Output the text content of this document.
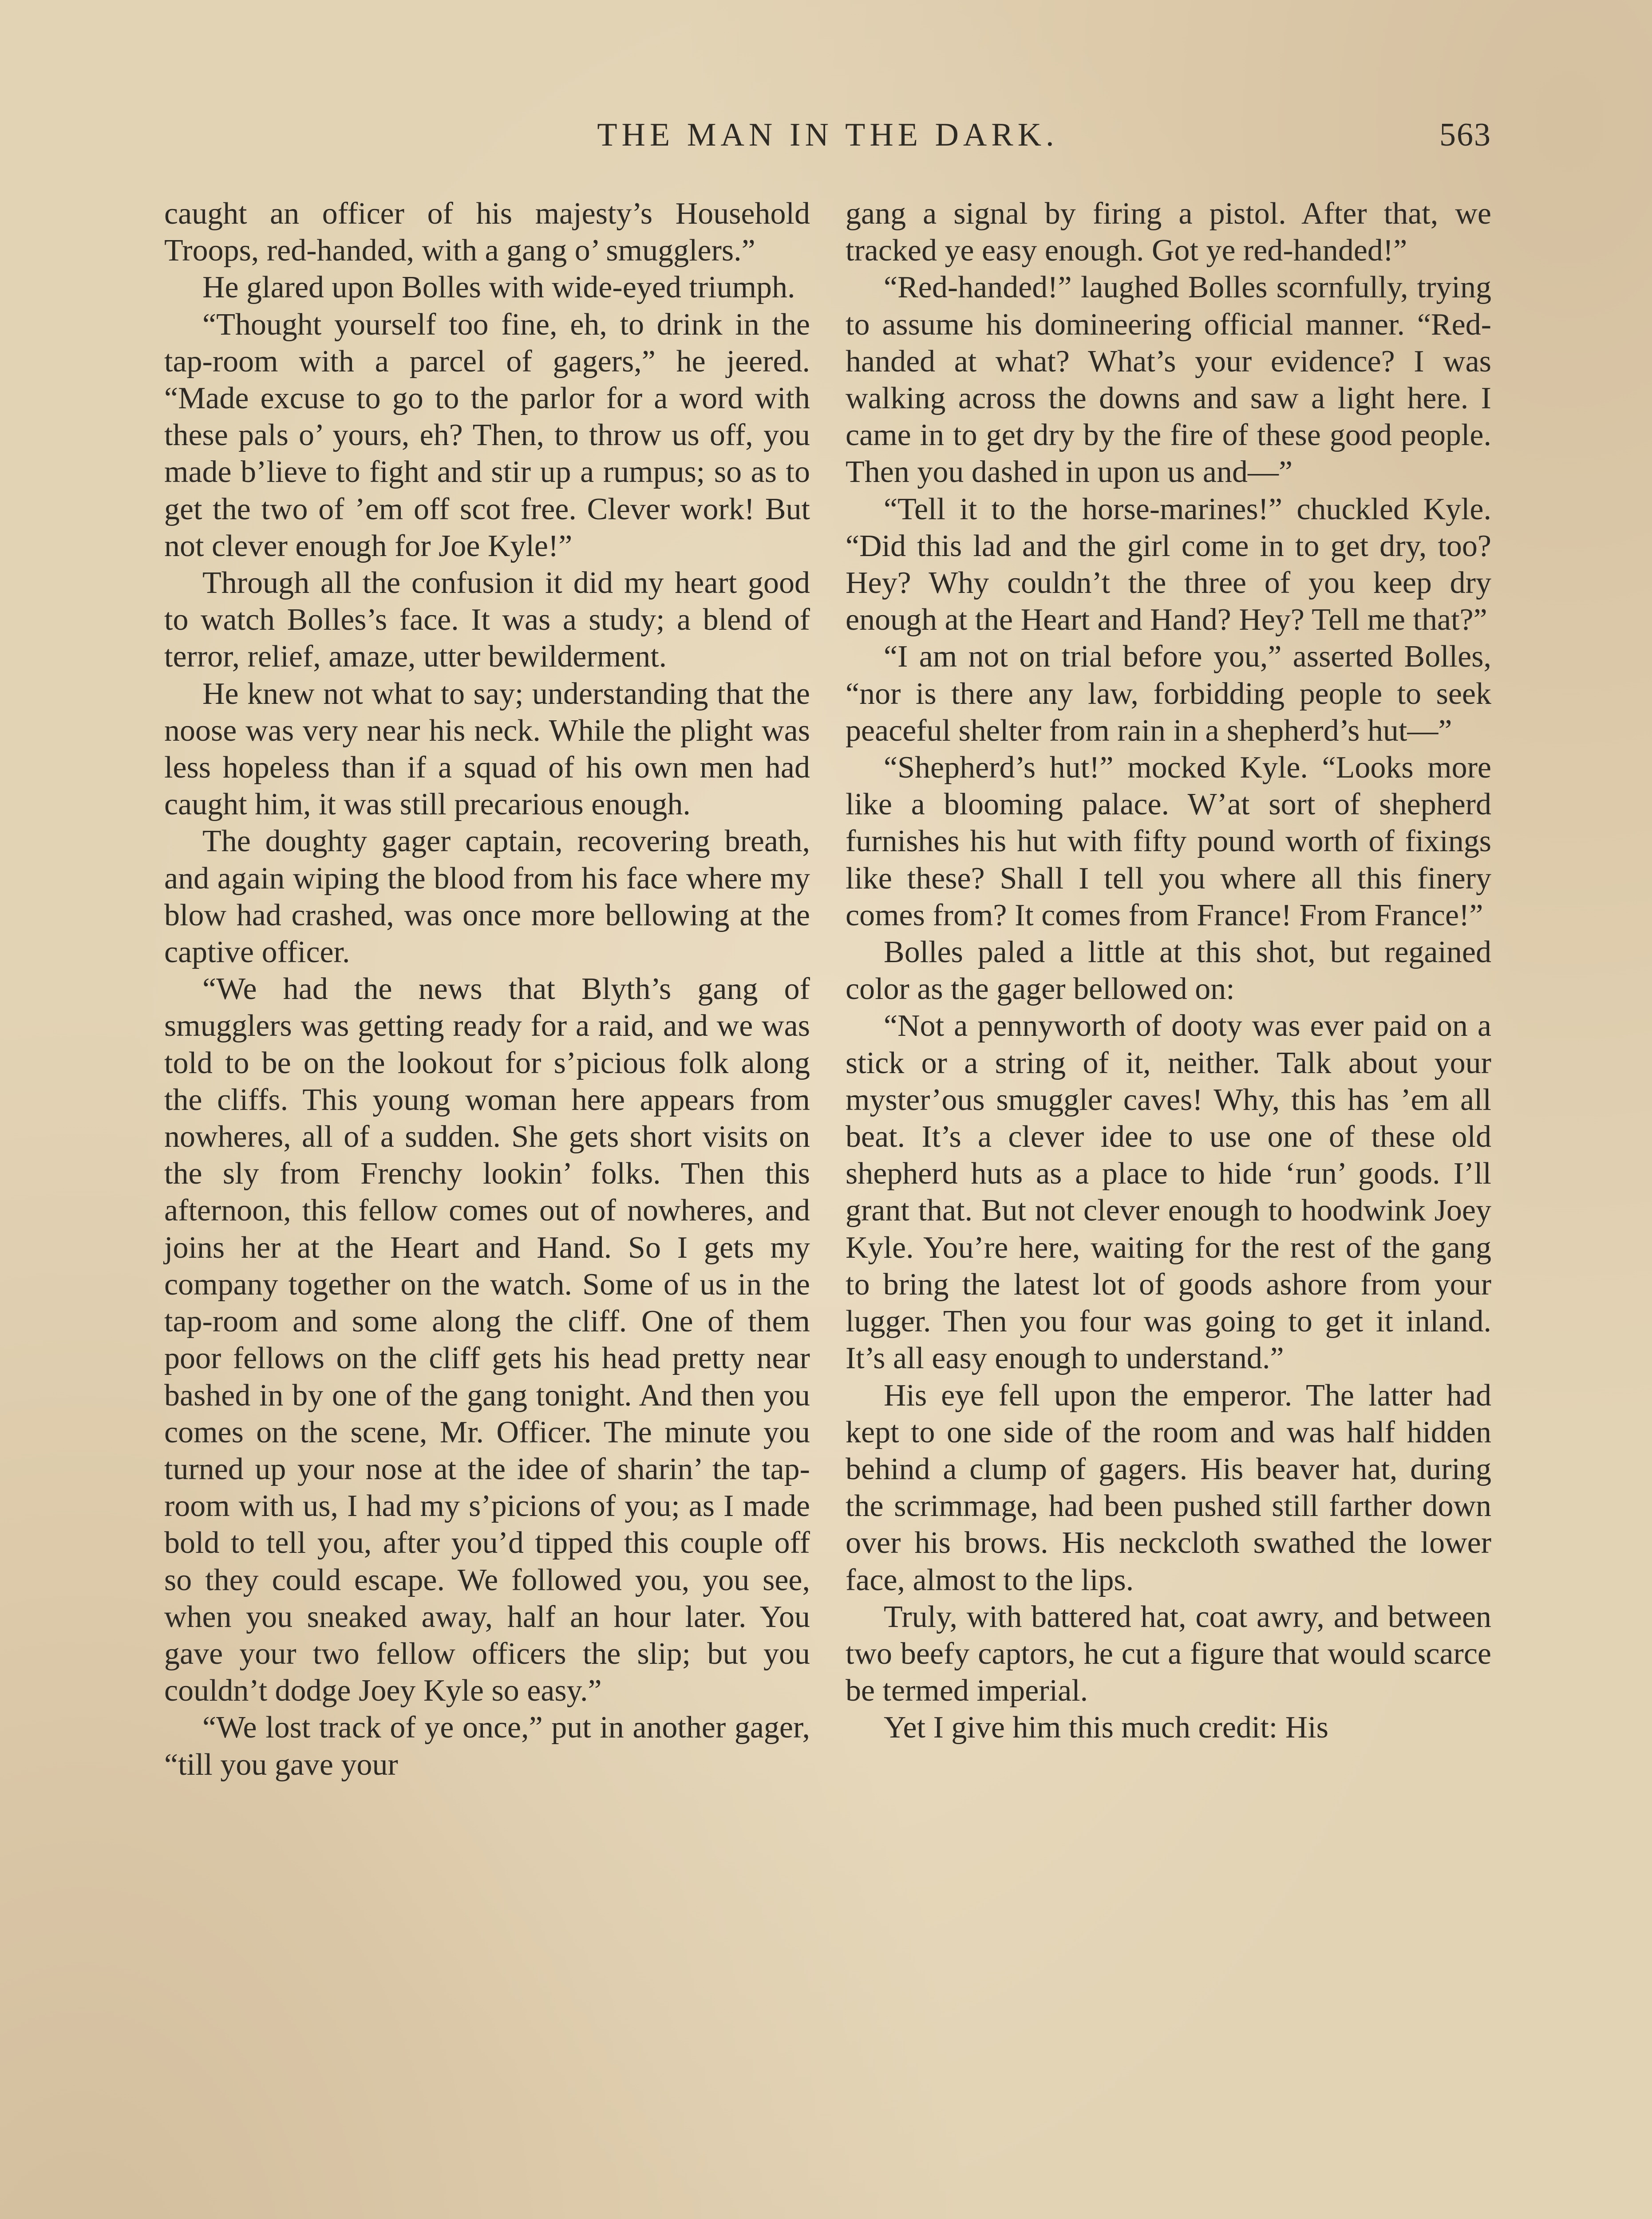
THE MAN IN THE DARK.	563

caught an officer of his majesty’s Household Troops, red-handed, with a gang o’ smugglers.”

He glared upon Bolles with wide-eyed triumph.

“Thought yourself too fine, eh, to drink in the tap-room with a parcel of gagers,” he jeered. “Made excuse to go to the parlor for a word with these pals o’ yours, eh? Then, to throw us off, you made b’lieve to fight and stir up a rumpus; so as to get the two of ’em off scot free. Clever work! But not clever enough for Joe Kyle!”

Through all the confusion it did my heart good to watch Bolles’s face. It was a study; a blend of terror, relief, amaze, utter bewilderment.

He knew not what to say; understanding that the noose was very near his neck. While the plight was less hopeless than if a squad of his own men had caught him, it was still precarious enough.

The doughty gager captain, recovering breath, and again wiping the blood from his face where my blow had crashed, was once more bellowing at the captive officer.

“We had the news that Blyth’s gang of smugglers was getting ready for a raid, and we was told to be on the lookout for s’picious folk along the cliffs. This young woman here appears from nowheres, all of a sudden. She gets short visits on the sly from Frenchy lookin’ folks. Then this afternoon, this fellow comes out of nowheres, and joins her at the Heart and Hand. So I gets my company together on the watch. Some of us in the tap-room and some along the cliff. One of them poor fellows on the cliff gets his head pretty near bashed in by one of the gang tonight. And then you comes on the scene, Mr. Officer. The minute you turned up your nose at the idee of sharin’ the tap-room with us, I had my s’picions of you; as I made bold to tell you, after you’d tipped this couple off so they could escape. We followed you, you see, when you sneaked away, half an hour later. You gave your two fellow officers the slip; but you couldn’t dodge Joey Kyle so easy.”

“We lost track of ye once,” put in another gager, “till you gave your

gang a signal by firing a pistol. After that, we tracked ye easy enough. Got ye red-handed!”

“Red-handed!” laughed Bolles scornfully, trying to assume his domineering official manner. “Red-handed at what? What’s your evidence? I was walking across the downs and saw a light here. I came in to get dry by the fire of these good people. Then you dashed in upon us and—”

“Tell it to the horse-marines!” chuckled Kyle. “Did this lad and the girl come in to get dry, too? Hey? Why couldn’t the three of you keep dry enough at the Heart and Hand? Hey? Tell me that?”

“I am not on trial before you,” asserted Bolles, “nor is there any law, forbidding people to seek peaceful shelter from rain in a shepherd’s hut—”

“Shepherd’s hut!” mocked Kyle. “Looks more like a blooming palace. W’at sort of shepherd furnishes his hut with fifty pound worth of fixings like these? Shall I tell you where all this finery comes from? It comes from France! From France!”

Bolles paled a little at this shot, but regained color as the gager bellowed on:

“Not a pennyworth of dooty was ever paid on a stick or a string of it, neither. Talk about your myster’ous smuggler caves! Why, this has ’em all beat. It’s a clever idee to use one of these old shepherd huts as a place to hide ‘run’ goods. I’ll grant that. But not clever enough to hoodwink Joey Kyle. You’re here, waiting for the rest of the gang to bring the latest lot of goods ashore from your lugger. Then you four was going to get it inland. It’s all easy enough to understand.”

His eye fell upon the emperor. The latter had kept to one side of the room and was half hidden behind a clump of gagers. His beaver hat, during the scrimmage, had been pushed still farther down over his brows. His neckcloth swathed the lower face, almost to the lips.

Truly, with battered hat, coat awry, and between two beefy captors, he cut a figure that would scarce be termed imperial.

Yet I give him this much credit: His
